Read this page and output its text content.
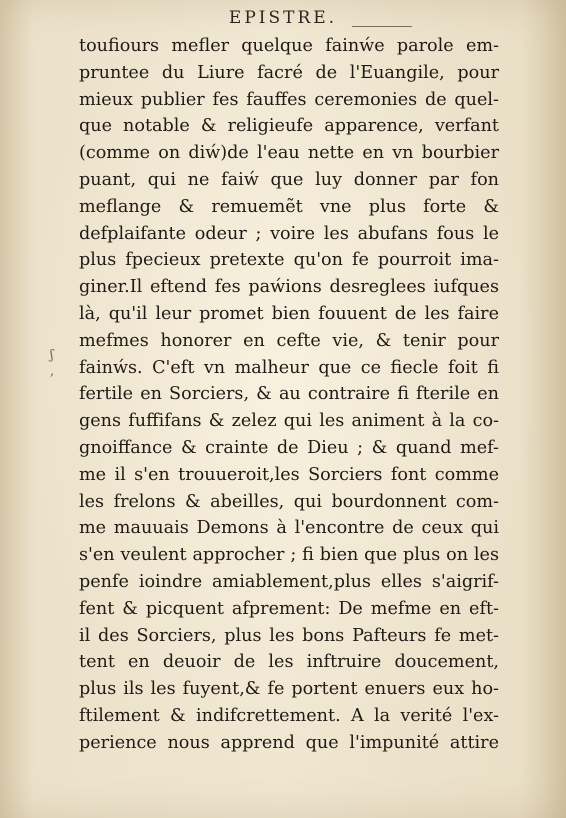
EPISTRE.
toufiours mefler quelque fainẃe parole em-
pruntee du Liure facré de l'Euangile, pour
mieux publier fes fauffes ceremonies de quel-
que notable & religieufe apparence, verfant
(comme on diẃ)de l'eau nette en vn bourbier
puant, qui ne faiẃ que luy donner par fon
meflange & remuemẽt vne plus forte &
defplaifante odeur ; voire les abufans fous le
plus fpecieux pretexte qu'on fe pourroit ima-
giner.Il eftend fes paẃions desreglees iufques
là, qu'il leur promet bien fouuent de les faire
mefmes honorer en cefte vie, & tenir pour
fainẃs. C'eft vn malheur que ce fiecle foit fi
fertile en Sorciers, & au contraire fi fterile en
gens fuffifans & zelez qui les animent à la co-
gnoiffance & crainte de Dieu ; & quand mef-
me il s'en trouueroit,les Sorciers font comme
les frelons & abeilles, qui bourdonnent com-
me mauuais Demons à l'encontre de ceux qui
s'en veulent approcher ; fi bien que plus on les
penfe ioindre amiablement,plus elles s'aigrif-
fent & picquent afprement: De mefme en eft-
il des Sorciers, plus les bons Pafteurs fe met-
tent en deuoir de les inftruire doucement,
plus ils les fuyent,& fe portent enuers eux ho-
ftilement & indifcrettement. A la verité l'ex-
perience nous apprend que l'impunité attire
ʃ
,
